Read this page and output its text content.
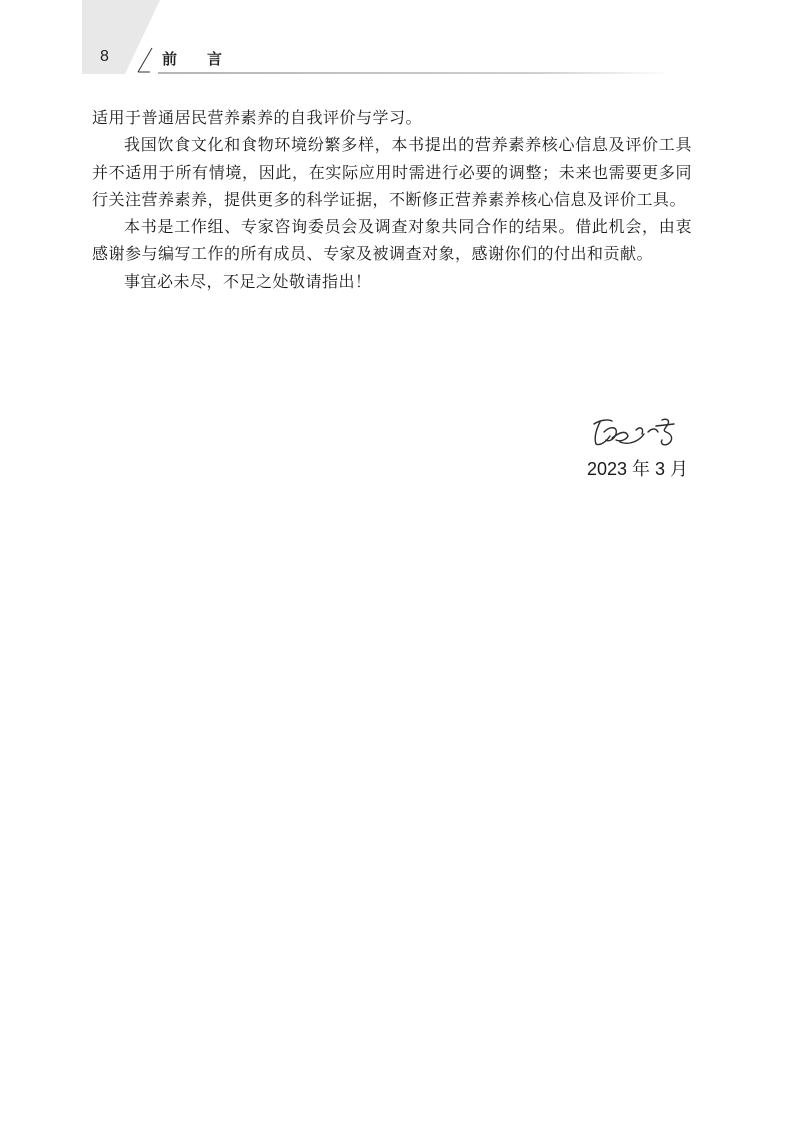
8	前言

适用于普通居民营养素养的自我评价与学习。

我国饮食文化和食物环境纷繁多样，本书提出的营养素养核心信息及评价工具并不适用于所有情境，因此，在实际应用时需进行必要的调整；未来也需要更多同行关注营养素养，提供更多的科学证据，不断修正营养素养核心信息及评价工具。

本书是工作组、专家咨询委员会及调查对象共同合作的结果。借此机会，由衷感谢参与编写工作的所有成员、专家及被调查对象，感谢你们的付出和贡献。

事宜必未尽，不足之处敬请指出！

2023 年 3 月
